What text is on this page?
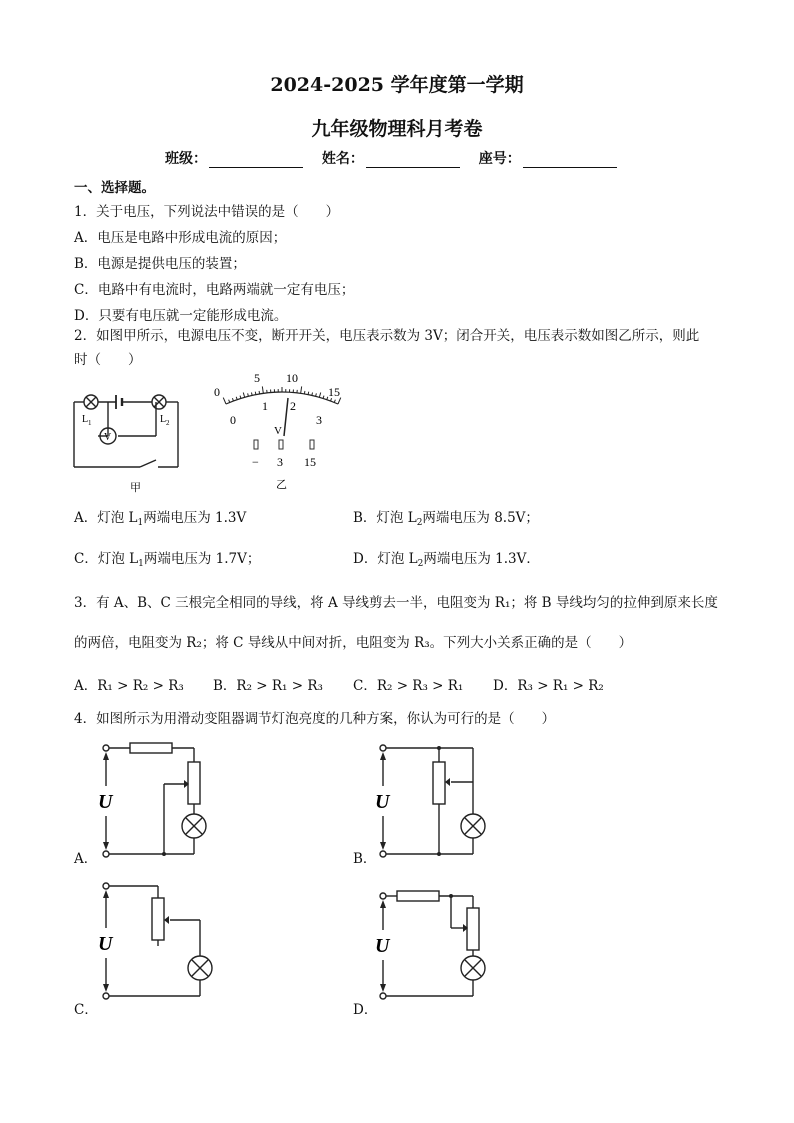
2024-2025 学年度第一学期
九年级物理科月考卷
班级：	姓名：	座号：
一、选择题。
1．关于电压，下列说法中错误的是（　　）
A．电压是电路中形成电流的原因；
B．电源是提供电压的装置；
C．电路中有电流时，电路两端就一定有电压；
D．只要有电压就一定能形成电流。
2．如图甲所示，电源电压不变，断开开关，电压表示数为 3V；闭合开关，电压表示数如图乙所示，则此
时（　　）
V
L 1	L 2
甲
0
5 10
15
0
1 2
3
V
− 3 15
乙
A．灯泡 $L_1$两端电压为 1.3V	B．灯泡 $L_2$两端电压为 8.5V；
C．灯泡 $L_1$两端电压为 1.7V；	D．灯泡 $L_2$两端电压为 1.3V．
3．有 A、B、C 三根完全相同的导线，将 A 导线剪去一半，电阻变为 R₁；将 B 导线均匀的拉伸到原来长度
的两倍，电阻变为 R₂；将 C 导线从中间对折，电阻变为 R₃。下列大小关系正确的是（　　）
A．R₁ > R₂ > R₃ B．R₂ > R₁ > R₃ C．R₂ > R₃ > R₁ D．R₃ > R₁ > R₂
4．如图所示为用滑动变阻器调节灯泡亮度的几种方案，你认为可行的是（　　）
U
A．
U
B．
U
C．
U
D．
